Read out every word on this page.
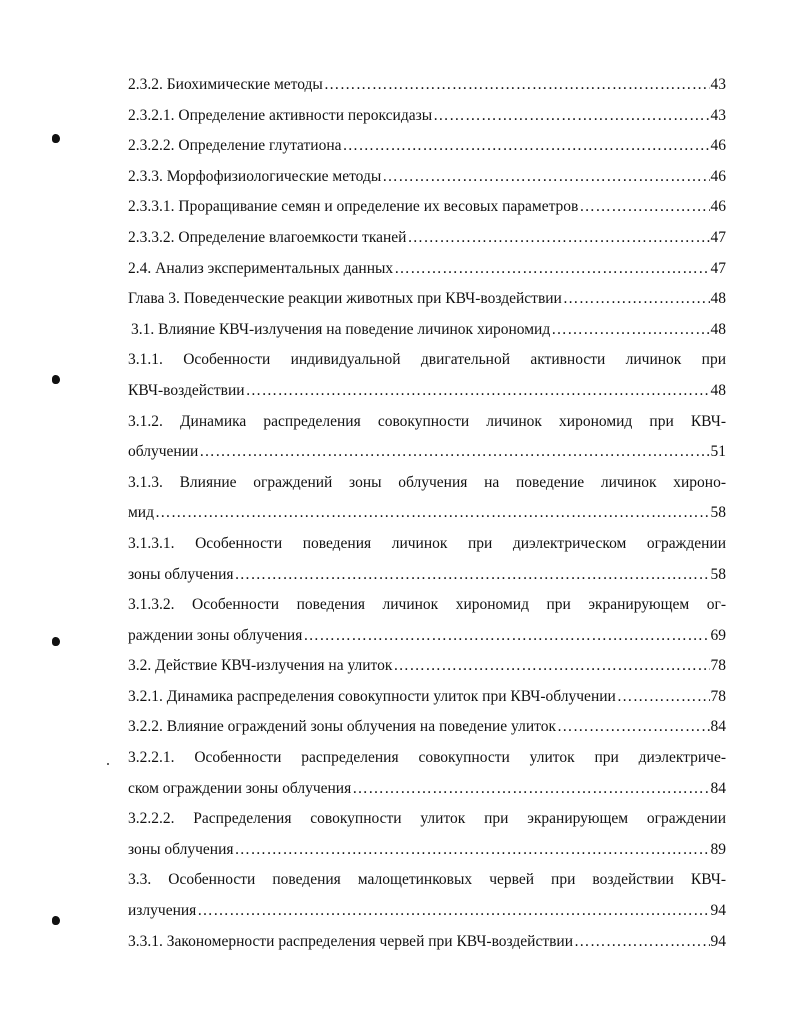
2.3.2. Биохимические методы ……………………………………………………………………………………………………………………………………………	43
2.3.2.1. Определение активности пероксидазы ……………………………………………………………………………………………………………………………………………	43
2.3.2.2. Определение глутатиона ……………………………………………………………………………………………………………………………………………	46
2.3.3. Морфофизиологические методы ……………………………………………………………………………………………………………………………………………	46
2.3.3.1. Проращивание семян и определение их весовых параметров ……………………………………………………………………………………………………………………………………………	46
2.3.3.2. Определение влагоемкости тканей ……………………………………………………………………………………………………………………………………………	47
2.4. Анализ экспериментальных данных ……………………………………………………………………………………………………………………………………………	47
Глава 3. Поведенческие реакции животных при КВЧ-воздействии ……………………………………………………………………………………………………………………………………………	48
3.1. Влияние КВЧ-излучения на поведение личинок хирономид ……………………………………………………………………………………………………………………………………………	48
3.1.1. Особенности индивидуальной двигательной активности личинок при
КВЧ-воздействии ……………………………………………………………………………………………………………………………………………	48
3.1.2. Динамика распределения совокупности личинок хирономид при КВЧ-
облучении ……………………………………………………………………………………………………………………………………………	51
3.1.3. Влияние ограждений зоны облучения на поведение личинок хироно-
мид ……………………………………………………………………………………………………………………………………………	58
3.1.3.1. Особенности поведения личинок при диэлектрическом ограждении
зоны облучения ……………………………………………………………………………………………………………………………………………	58
3.1.3.2. Особенности поведения личинок хирономид при экранирующем ог-
раждении зоны облучения ……………………………………………………………………………………………………………………………………………	69
3.2. Действие КВЧ-излучения на улиток ……………………………………………………………………………………………………………………………………………	78
3.2.1. Динамика распределения совокупности улиток при КВЧ-облучении ……………………………………………………………………………………………………………………………………………	78
3.2.2. Влияние ограждений зоны облучения на поведение улиток ……………………………………………………………………………………………………………………………………………	84
3.2.2.1. Особенности распределения совокупности улиток при диэлектриче-
ском ограждении зоны облучения ……………………………………………………………………………………………………………………………………………	84
3.2.2.2. Распределения совокупности улиток при экранирующем ограждении
зоны облучения ……………………………………………………………………………………………………………………………………………	89
3.3. Особенности поведения малощетинковых червей при воздействии КВЧ-
излучения ……………………………………………………………………………………………………………………………………………	94
3.3.1. Закономерности распределения червей при КВЧ-воздействии ……………………………………………………………………………………………………………………………………………	94
